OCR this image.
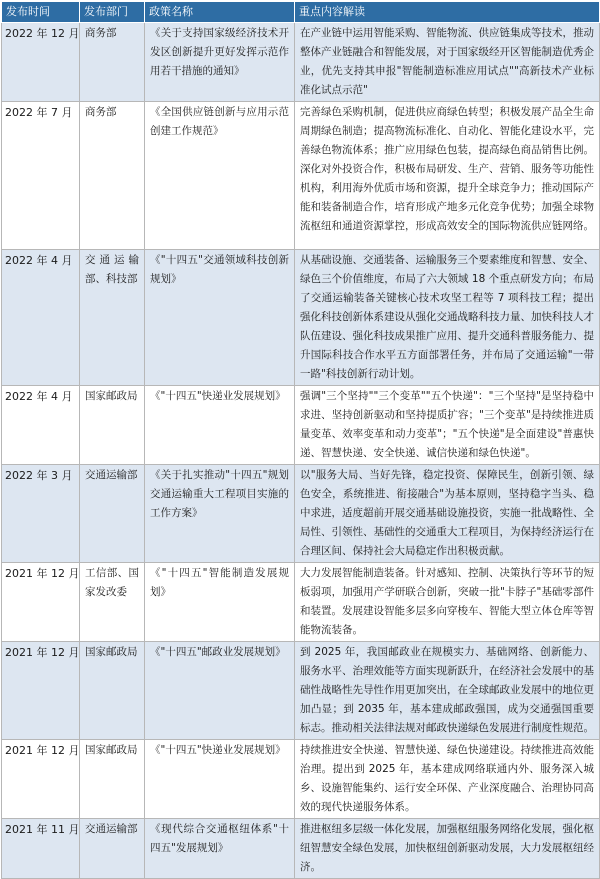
发布时间	发布部门	政策名称	重点内容解读
2022 年 12 月	商务部	《关于支持国家级经济技术开发区创新提升更好发挥示范作用若干措施的通知》	在产业链中运用智能采购、智能物流、供应链集成等技术，推动整体产业链融合和智能发展，对于国家级经开区智能制造优秀企业，优先支持其申报"智能制造标准应用试点""高新技术产业标准化试点示范"
2022 年 7 月	商务部	《全国供应链创新与应用示范创建工作规范》	完善绿色采购机制，促进供应商绿色转型；积极发展产品全生命周期绿色制造；提高物流标准化、自动化、智能化建设水平，完善绿色物流体系；推广应用绿色包装，提高绿色商品销售比例。深化对外投资合作，积极布局研发、生产、营销、服务等功能性机构，利用海外优质市场和资源，提升全球竞争力；推动国际产能和装备制造合作，培育形成产地多元化竞争优势；加强全球物流枢纽和通道资源掌控，形成高效安全的国际物流供应链网络。
2022 年 4 月	交通运输部、科技部	《"十四五"交通领域科技创新规划》	从基础设施、交通装备、运输服务三个要素维度和智慧、安全、绿色三个价值维度，布局了六大领域 18 个重点研发方向；布局了交通运输装备关键核心技术攻坚工程等 7 项科技工程；提出强化科技创新体系建设从强化交通战略科技力量、加快科技人才队伍建设、强化科技成果推广应用、提升交通科普服务能力、提升国际科技合作水平五方面部署任务，并布局了交通运输"一带一路"科技创新行动计划。
2022 年 4 月	国家邮政局	《"十四五"快递业发展规划》	强调"三个坚持""三个变革""五个快递"："三个坚持"是坚持稳中求进、坚持创新驱动和坚持提质扩容；"三个变革"是持续推进质量变革、效率变革和动力变革"；"五个快递"是全面建设"普惠快递、智慧快递、安全快递、诚信快递和绿色快递"。
2022 年 3 月	交通运输部	《关于扎实推动"十四五"规划交通运输重大工程项目实施的工作方案》	以"服务大局、当好先锋，稳定投资、保障民生，创新引领、绿色安全，系统推进、衔接融合"为基本原则，坚持稳字当头、稳中求进，适度超前开展交通基础设施投资，实施一批战略性、全局性、引领性、基础性的交通重大工程项目，为保持经济运行在合理区间、保持社会大局稳定作出积极贡献。
2021 年 12 月	工信部、国家发改委	《"十四五"智能制造发展规划》	大力发展智能制造装备。针对感知、控制、决策执行等环节的短板弱项，加强用产学研联合创新，突破一批"卡脖子"基础零部件和装置。发展建设智能多层多向穿梭车、智能大型立体仓库等智能物流装备。
2021 年 12 月	国家邮政局	《"十四五"邮政业发展规划》	到 2025 年，我国邮政业在规模实力、基础网络、创新能力、服务水平、治理效能等方面实现新跃升，在经济社会发展中的基础性战略性先导性作用更加突出，在全球邮政业发展中的地位更加凸显；到 2035 年，基本建成邮政强国，成为交通强国重要标志。推动相关法律法规对邮政快递绿色发展进行制度性规范。
2021 年 12 月	国家邮政局	《"十四五"快递业发展规划》	持续推进安全快递、智慧快递、绿色快递建设。持续推进高效能治理。提出到 2025 年，基本建成网络联通内外、服务深入城乡、设施智能集约、运行安全环保、产业深度融合、治理协同高效的现代快递服务体系。
2021 年 11 月	交通运输部	《现代综合交通枢纽体系"十四五"发展规划》	推进枢纽多层级一体化发展，加强枢纽服务网络化发展，强化枢纽智慧安全绿色发展，加快枢纽创新驱动发展，大力发展枢纽经济。
